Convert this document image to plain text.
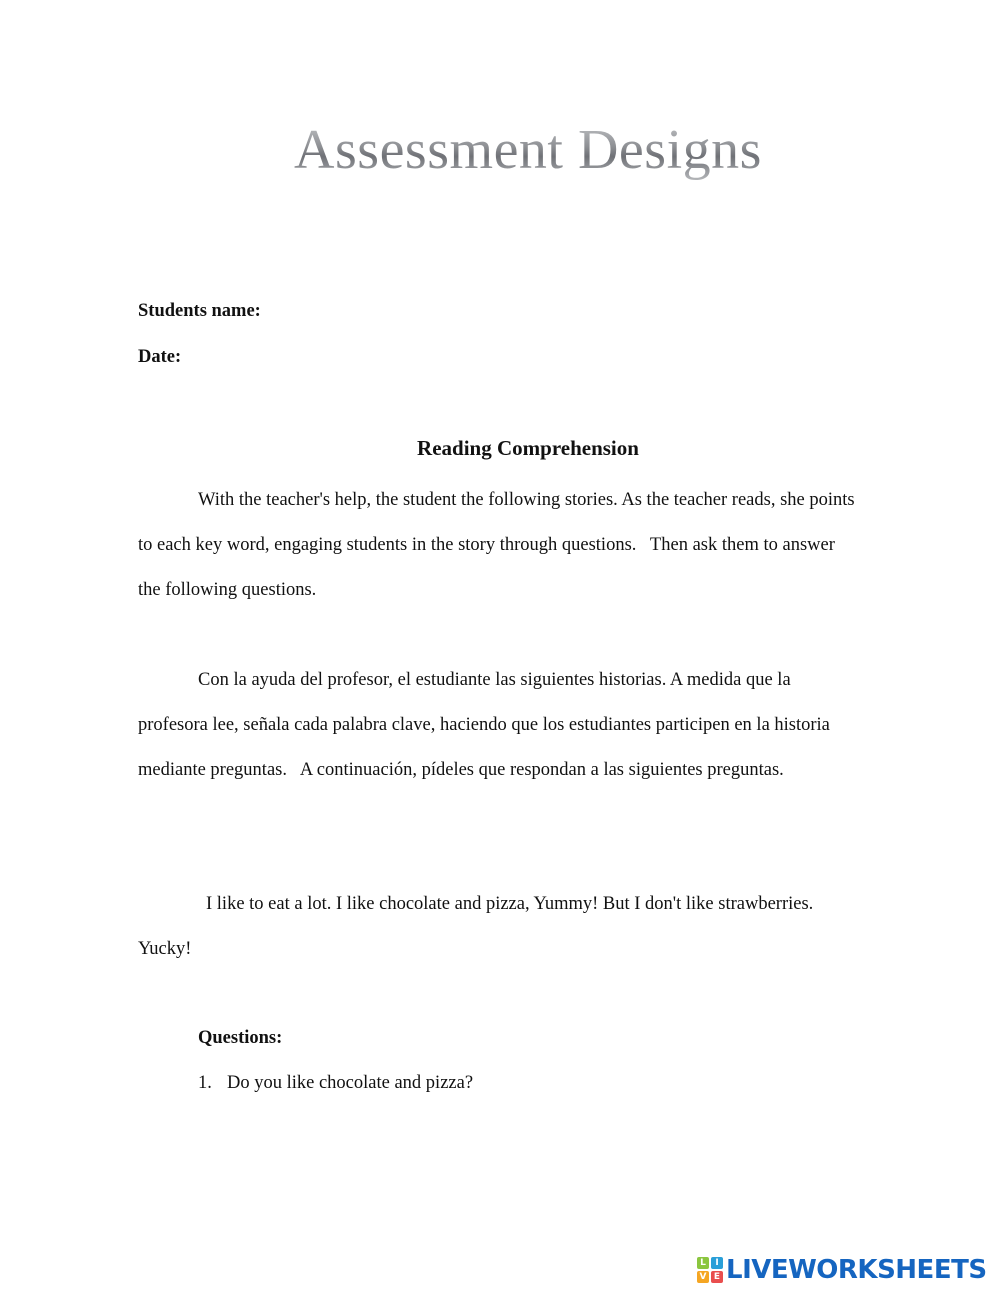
Assessment Designs
Students name:
Date:
Reading Comprehension

With the teacher's help, the student the following stories. As the teacher reads, she points to each key word, engaging students in the story through questions.   Then ask them to answer the following questions.

Con la ayuda del profesor, el estudiante las siguientes historias. A medida que la profesora lee, señala cada palabra clave, haciendo que los estudiantes participen en la historia mediante preguntas.   A continuación, pídeles que respondan a las siguientes preguntas.

I like to eat a lot. I like chocolate and pizza, Yummy! But I don't like strawberries. Yucky!

Questions:
1. Do you like chocolate and pizza?
L	I
V E LIVEWORKSHEETS
